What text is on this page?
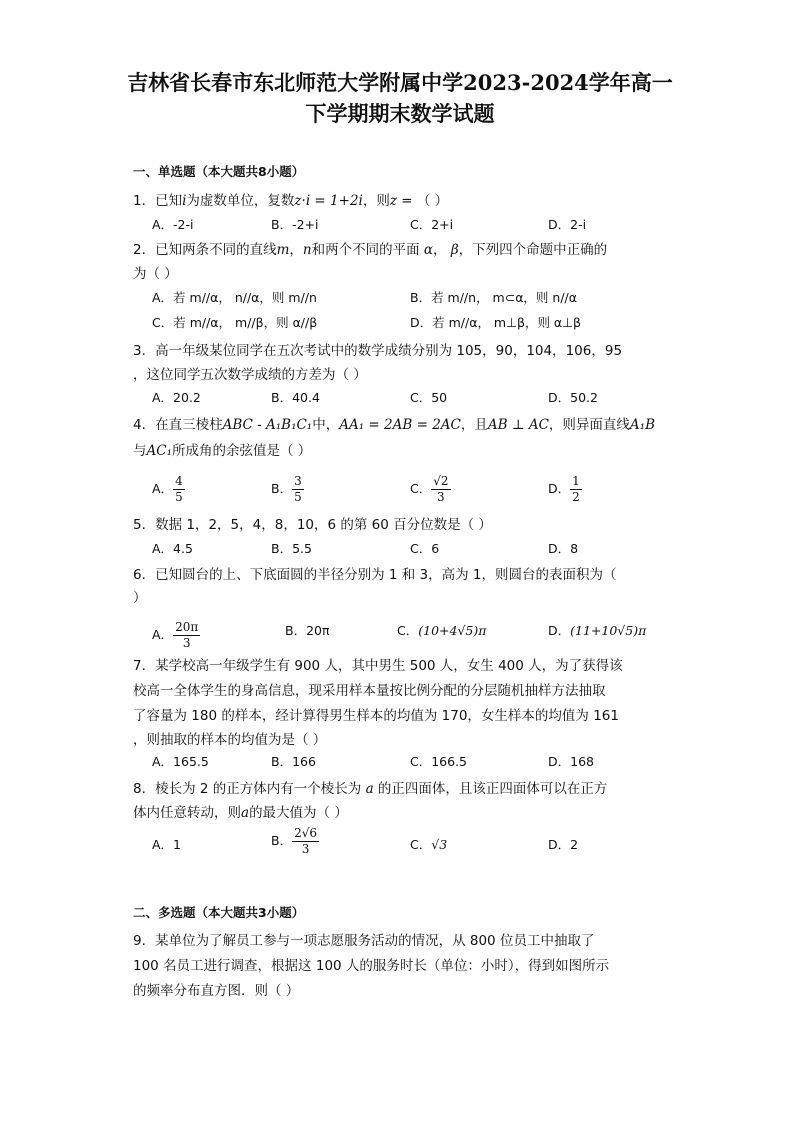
吉林省长春市东北师范大学附属中学2023-2024学年高一
下学期期末数学试题
一、单选题（本大题共8小题）
1．已知i为虚数单位，复数z·i = 1+2i，则z = （ ）
A．-2-i	B．-2+i	C．2+i	D．2-i
2．已知两条不同的直线m，n和两个不同的平面 α， β，下列四个命题中正确的
为（ ）
A．若 m//α， n//α，则 m//n	B．若 m//n， m⊂α，则 n//α
C．若 m//α， m//β，则 α//β	D．若 m//α， m⊥β，则 α⊥β
3．高一年级某位同学在五次考试中的数学成绩分别为 105，90，104，106，95
，这位同学五次数学成绩的方差为（ ）
A．20.2	B．40.4	C．50	D．50.2
4．在直三棱柱ABC - A₁B₁C₁中，AA₁ = 2AB = 2AC，且AB ⊥ AC，则异面直线A₁B
与AC₁所成角的余弦值是（ ）
A． $\frac{4}{5}$	B． $\frac{3}{5}$	C． $\frac{√2}{3}$	D． $\frac{1}{2}$
5．数据 1，2，5，4，8，10，6 的第 60 百分位数是（ ）
A．4.5	B．5.5	C．6	D．8
6．已知圆台的上、下底面圆的半径分别为 1 和 3，高为 1，则圆台的表面积为（
）
A． $\frac{20\pi}{3}$	B．20π	C．(10+4√5)π	D．(11+10√5)π
7．某学校高一年级学生有 900 人，其中男生 500 人，女生 400 人，为了获得该
校高一全体学生的身高信息，现采用样本量按比例分配的分层随机抽样方法抽取
了容量为 180 的样本，经计算得男生样本的均值为 170，女生样本的均值为 161
，则抽取的样本的均值为是（ ）
A．165.5	B．166	C．166.5	D．168
8．棱长为 2 的正方体内有一个棱长为 a 的正四面体，且该正四面体可以在正方
体内任意转动，则a的最大值为（ ）
A．1	B． $\frac{2√6}{3}$	C．√3	D．2
二、多选题（本大题共3小题）
9．某单位为了解员工参与一项志愿服务活动的情况，从 800 位员工中抽取了
100 名员工进行调查，根据这 100 人的服务时长（单位：小时），得到如图所示
的频率分布直方图．则（ ）
